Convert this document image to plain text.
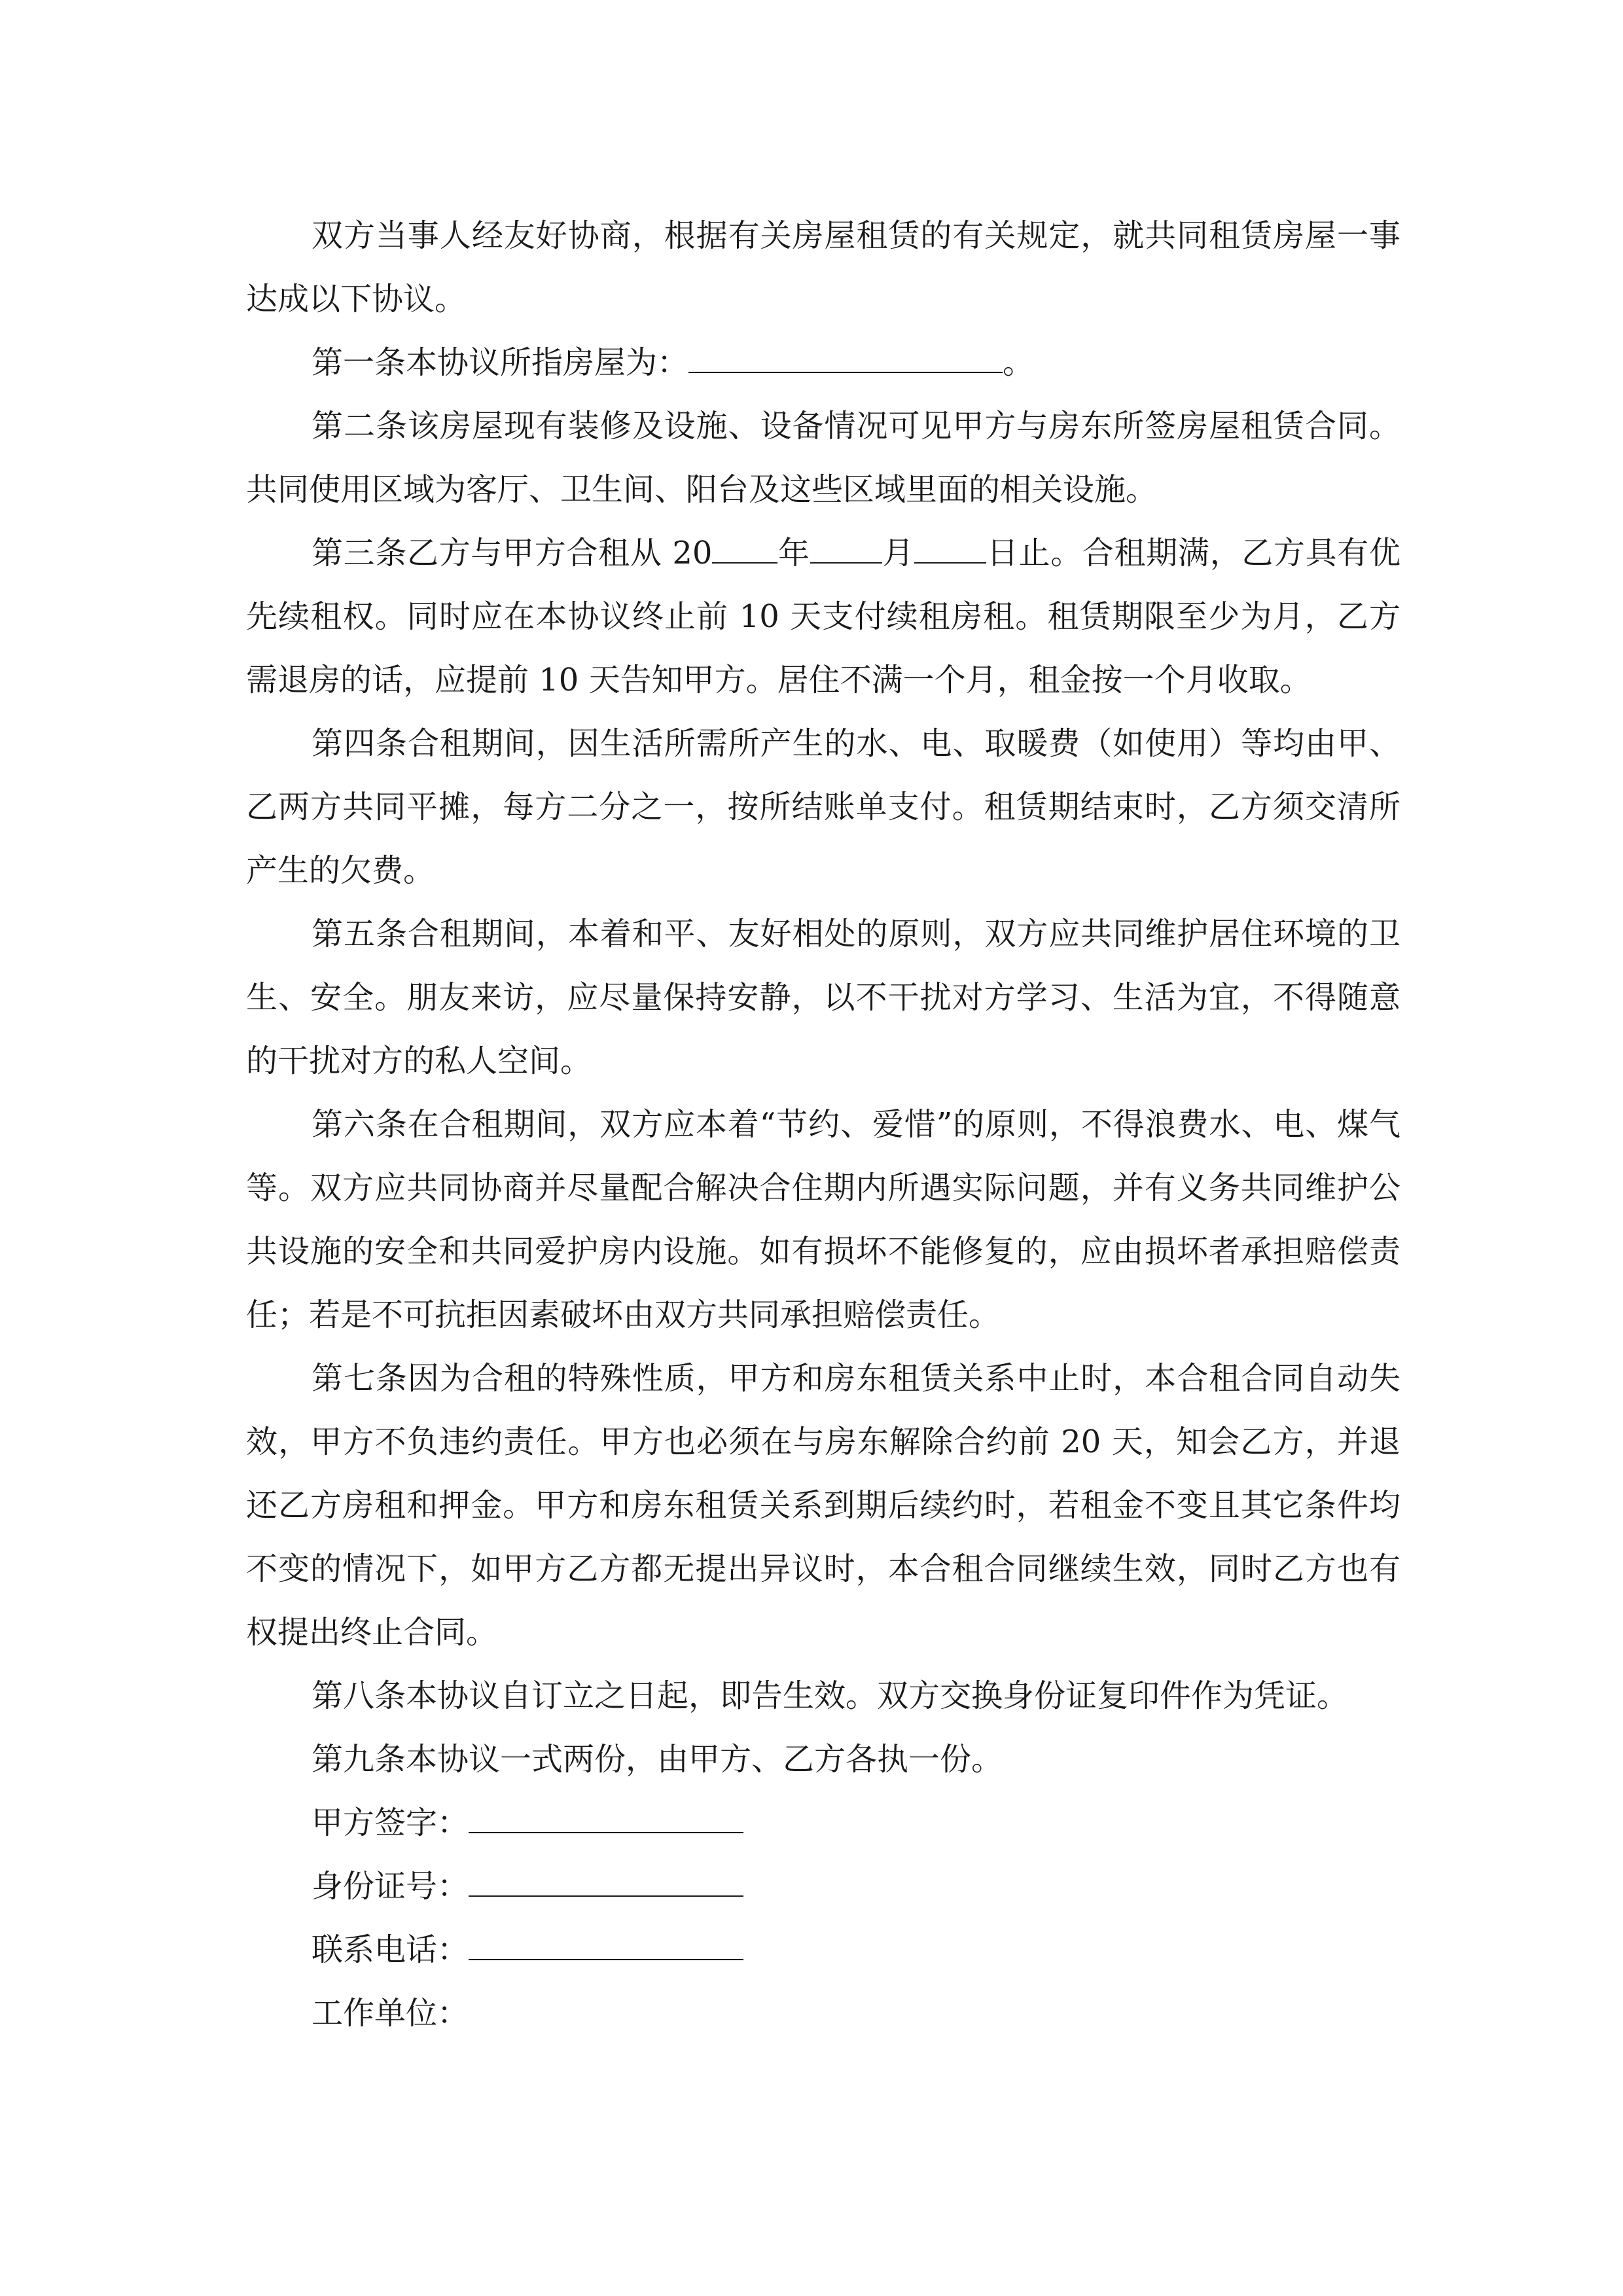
双方当事人经友好协商，根据有关房屋租赁的有关规定，就共同租赁房屋一事达成以下协议。

第一条本协议所指房屋为：	。

第二条该房屋现有装修及设施、设备情况可见甲方与房东所签房屋租赁合同。共同使用区域为客厅、卫生间、阳台及这些区域里面的相关设施。

第三条乙方与甲方合租从 20 年 月 日止。合租期满，乙方具有优先续租权。同时应在本协议终止前 10 天支付续租房租。租赁期限至少为月，乙方需退房的话，应提前 10 天告知甲方。居住不满一个月，租金按一个月收取。

第四条合租期间，因生活所需所产生的水、电、取暖费（如使用）等均由甲、乙两方共同平摊，每方二分之一，按所结账单支付。租赁期结束时，乙方须交清所产生的欠费。

第五条合租期间，本着和平、友好相处的原则，双方应共同维护居住环境的卫生、安全。朋友来访，应尽量保持安静，以不干扰对方学习、生活为宜，不得随意的干扰对方的私人空间。

第六条在合租期间，双方应本着“节约、爱惜”的原则，不得浪费水、电、煤气等。双方应共同协商并尽量配合解决合住期内所遇实际问题，并有义务共同维护公共设施的安全和共同爱护房内设施。如有损坏不能修复的，应由损坏者承担赔偿责任；若是不可抗拒因素破坏由双方共同承担赔偿责任。

第七条因为合租的特殊性质，甲方和房东租赁关系中止时，本合租合同自动失效，甲方不负违约责任。甲方也必须在与房东解除合约前 20 天，知会乙方，并退还乙方房租和押金。甲方和房东租赁关系到期后续约时，若租金不变且其它条件均不变的情况下，如甲方乙方都无提出异议时，本合租合同继续生效，同时乙方也有权提出终止合同。

第八条本协议自订立之日起，即告生效。双方交换身份证复印件作为凭证。

第九条本协议一式两份，由甲方、乙方各执一份。

甲方签字：

身份证号：

联系电话：

工作单位：
